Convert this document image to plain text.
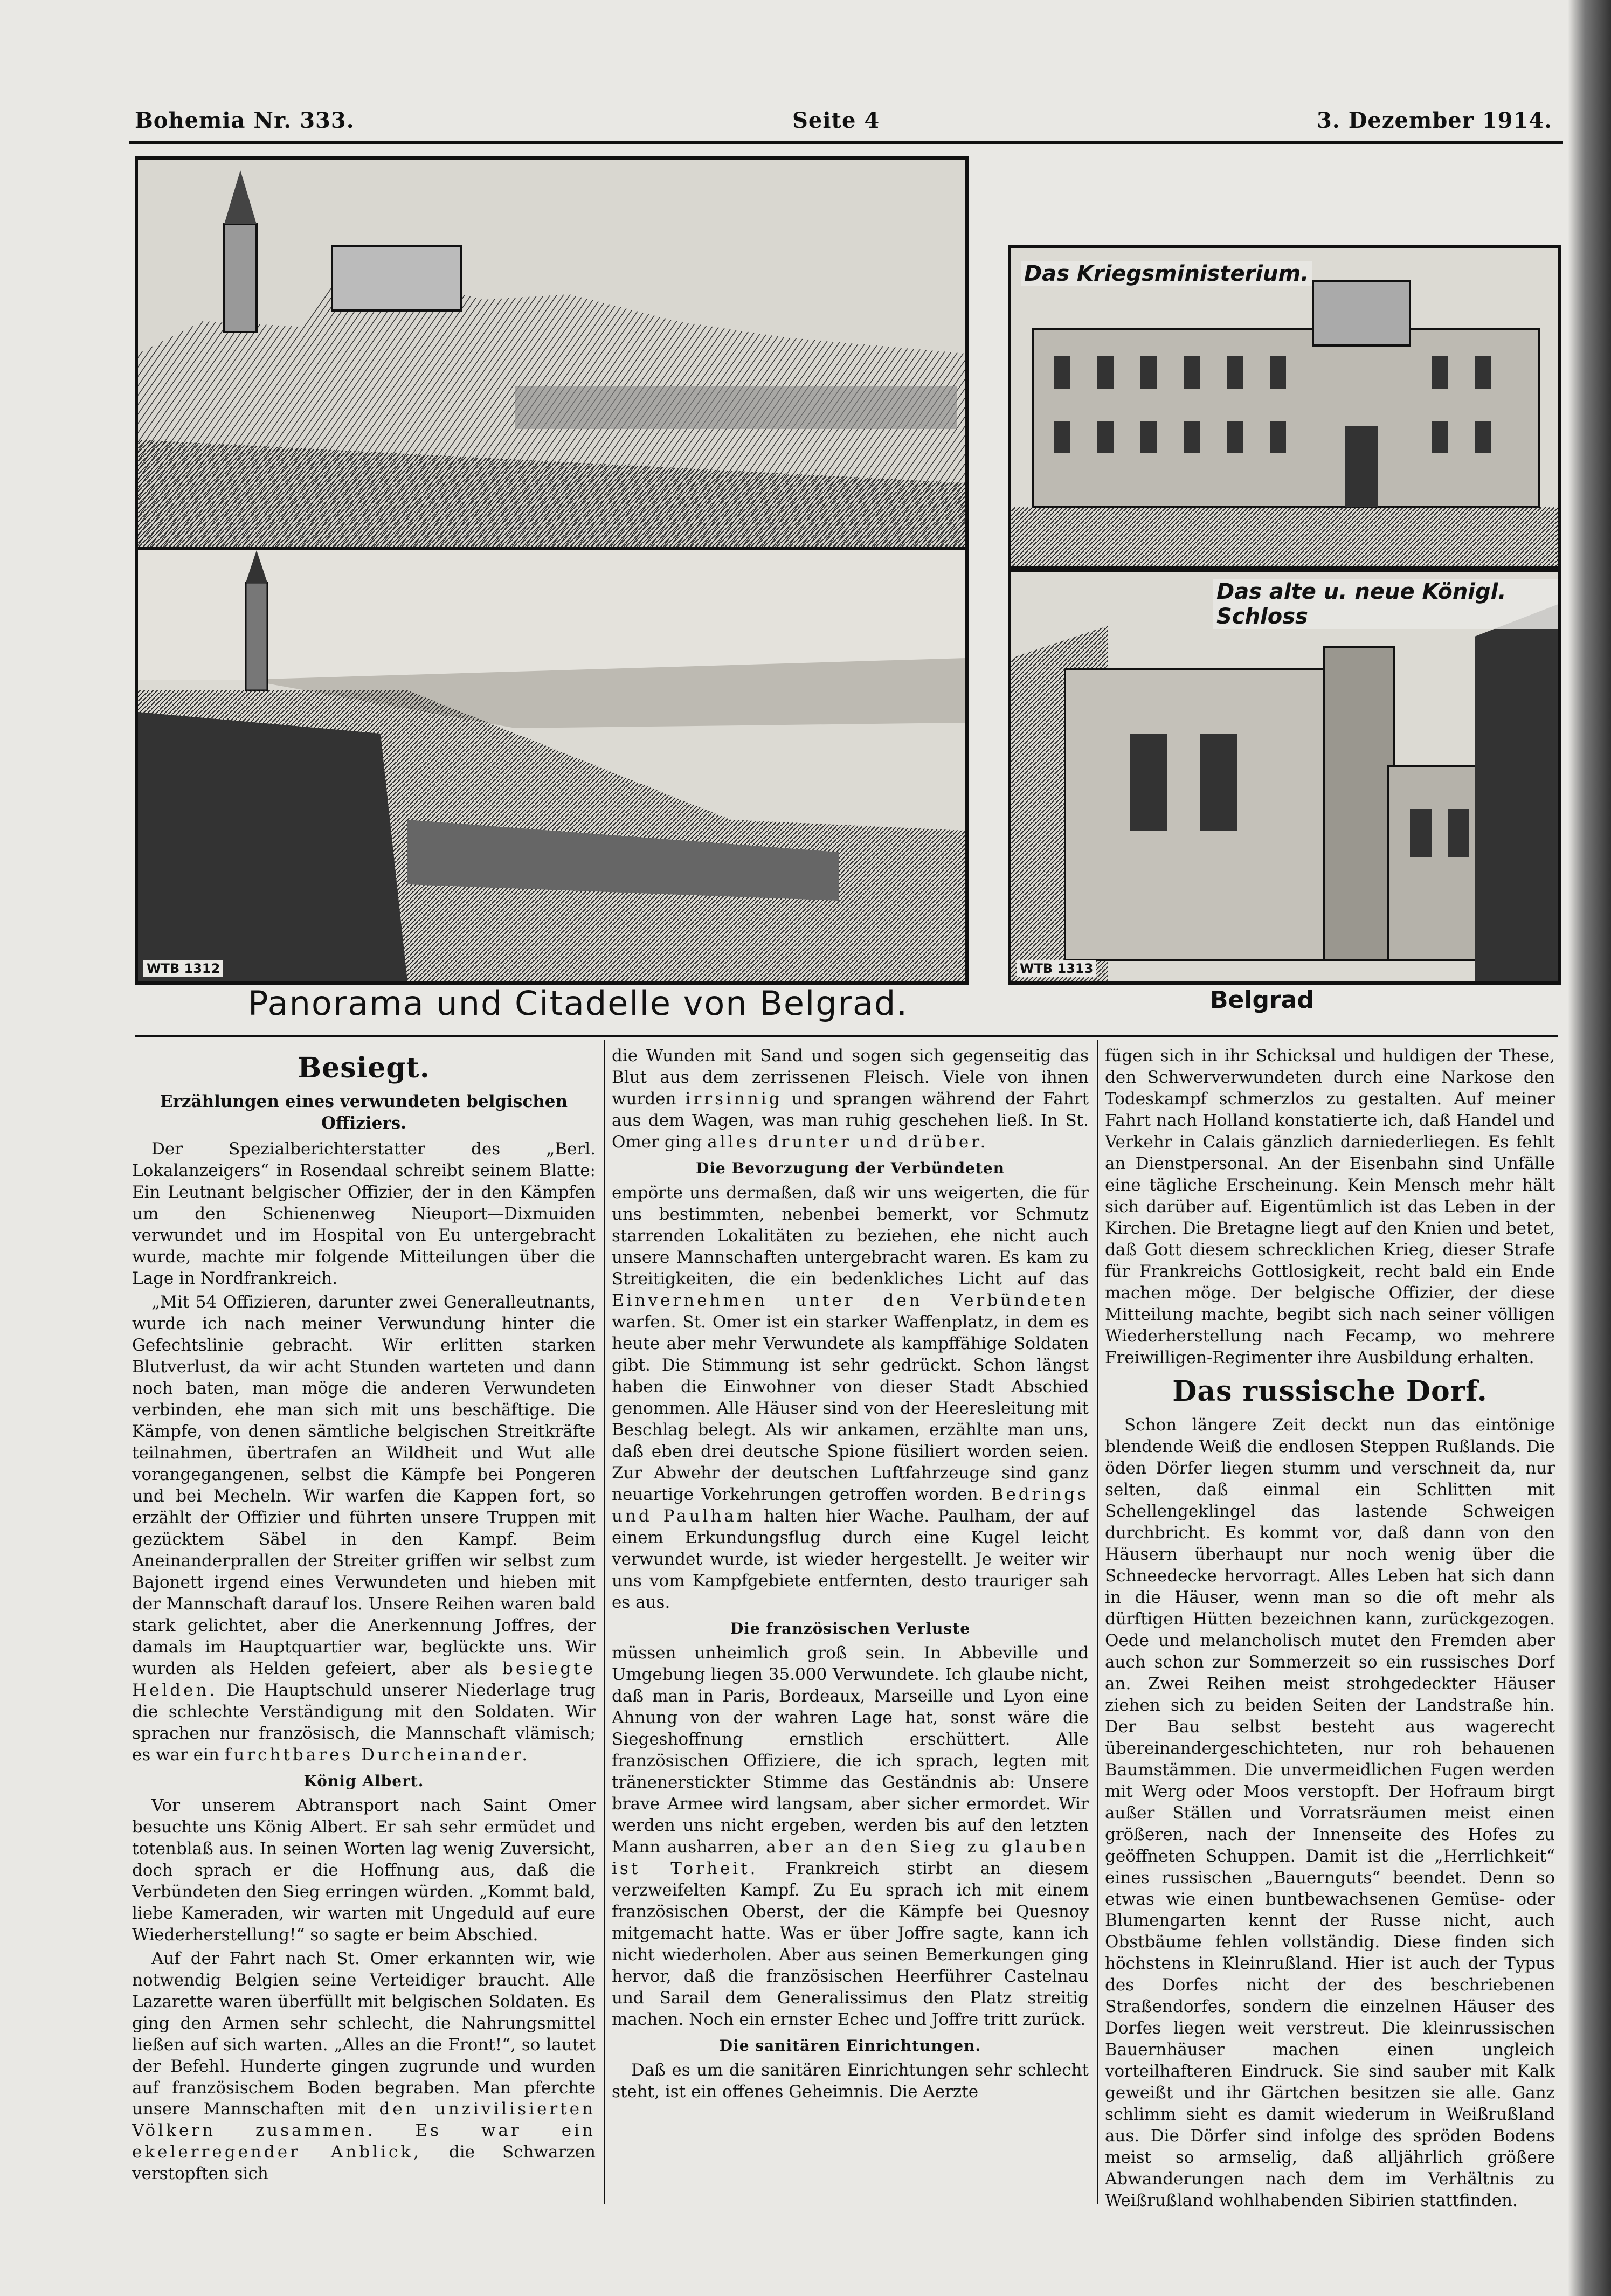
Bohemia Nr. 333.	Seite 4	3. Dezember 1914.
WTB 1312
Das Kriegsministerium.
Das alte u. neue Königl. Schloss
WTB 1313
Panorama und Citadelle von Belgrad.	Belgrad
Besiegt.
Erzählungen eines verwundeten belgischen Offiziers.

Der Spezialberichterstatter des „Berl. Lokalanzeigers“ in Rosendaal schreibt seinem Blatte: Ein Leutnant belgischer Offizier, der in den Kämpfen um den Schienenweg Nieuport—Dixmuiden verwundet und im Hospital von Eu untergebracht wurde, machte mir folgende Mitteilungen über die Lage in Nordfrankreich.

„Mit 54 Offizieren, darunter zwei Generalleutnants, wurde ich nach meiner Verwundung hinter die Gefechtslinie gebracht. Wir erlitten starken Blutverlust, da wir acht Stunden warteten und dann noch baten, man möge die anderen Verwundeten verbinden, ehe man sich mit uns beschäftige. Die Kämpfe, von denen sämtliche belgischen Streitkräfte teilnahmen, übertrafen an Wildheit und Wut alle vorangegangenen, selbst die Kämpfe bei Pongeren und bei Mecheln. Wir warfen die Kappen fort, so erzählt der Offizier und führten unsere Truppen mit gezücktem Säbel in den Kampf. Beim Aneinanderprallen der Streiter griffen wir selbst zum Bajonett irgend eines Verwundeten und hieben mit der Mannschaft darauf los. Unsere Reihen waren bald stark gelichtet, aber die Anerkennung Joffres, der damals im Hauptquartier war, beglückte uns. Wir wurden als Helden gefeiert, aber als besiegte Helden. Die Hauptschuld unserer Niederlage trug die schlechte Verständigung mit den Soldaten. Wir sprachen nur französisch, die Mannschaft vlämisch; es war ein furchtbares Durcheinander.

König Albert.

Vor unserem Abtransport nach Saint Omer besuchte uns König Albert. Er sah sehr ermüdet und totenblaß aus. In seinen Worten lag wenig Zuversicht, doch sprach er die Hoffnung aus, daß die Verbündeten den Sieg erringen würden. „Kommt bald, liebe Kameraden, wir warten mit Ungeduld auf eure Wiederherstellung!“ so sagte er beim Abschied.

Auf der Fahrt nach St. Omer erkannten wir, wie notwendig Belgien seine Verteidiger braucht. Alle Lazarette waren überfüllt mit belgischen Soldaten. Es ging den Armen sehr schlecht, die Nahrungsmittel ließen auf sich warten. „Alles an die Front!“, so lautet der Befehl. Hunderte gingen zugrunde und wurden auf französischem Boden begraben. Man pferchte unsere Mannschaften mit den unzivilisierten Völkern zusammen. Es war ein ekelerregender Anblick, die Schwarzen verstopften sich

die Wunden mit Sand und sogen sich gegenseitig das Blut aus dem zerrissenen Fleisch. Viele von ihnen wurden irrsinnig und sprangen während der Fahrt aus dem Wagen, was man ruhig geschehen ließ. In St. Omer ging alles drunter und drüber.

Die Bevorzugung der Verbündeten

empörte uns dermaßen, daß wir uns weigerten, die für uns bestimmten, nebenbei bemerkt, vor Schmutz starrenden Lokalitäten zu beziehen, ehe nicht auch unsere Mannschaften untergebracht waren. Es kam zu Streitigkeiten, die ein bedenkliches Licht auf das Einvernehmen unter den Verbündeten warfen. St. Omer ist ein starker Waffenplatz, in dem es heute aber mehr Verwundete als kampffähige Soldaten gibt. Die Stimmung ist sehr gedrückt. Schon längst haben die Einwohner von dieser Stadt Abschied genommen. Alle Häuser sind von der Heeresleitung mit Beschlag belegt. Als wir ankamen, erzählte man uns, daß eben drei deutsche Spione füsiliert worden seien. Zur Abwehr der deutschen Luftfahrzeuge sind ganz neuartige Vorkehrungen getroffen worden. Bedrings und Paulham halten hier Wache. Paulham, der auf einem Erkundungsflug durch eine Kugel leicht verwundet wurde, ist wieder hergestellt. Je weiter wir uns vom Kampfgebiete entfernten, desto trauriger sah es aus.

Die französischen Verluste

müssen unheimlich groß sein. In Abbeville und Umgebung liegen 35.000 Verwundete. Ich glaube nicht, daß man in Paris, Bordeaux, Marseille und Lyon eine Ahnung von der wahren Lage hat, sonst wäre die Siegeshoffnung ernstlich erschüttert. Alle französischen Offiziere, die ich sprach, legten mit tränenerstickter Stimme das Geständnis ab: Unsere brave Armee wird langsam, aber sicher ermordet. Wir werden uns nicht ergeben, werden bis auf den letzten Mann ausharren, aber an den Sieg zu glauben ist Torheit. Frankreich stirbt an diesem verzweifelten Kampf. Zu Eu sprach ich mit einem französischen Oberst, der die Kämpfe bei Quesnoy mitgemacht hatte. Was er über Joffre sagte, kann ich nicht wiederholen. Aber aus seinen Bemerkungen ging hervor, daß die französischen Heerführer Castelnau und Sarail dem Generalissimus den Platz streitig machen. Noch ein ernster Echec und Joffre tritt zurück.

Die sanitären Einrichtungen.

Daß es um die sanitären Einrichtungen sehr schlecht steht, ist ein offenes Geheimnis. Die Aerzte

fügen sich in ihr Schicksal und huldigen der These, den Schwerverwundeten durch eine Narkose den Todeskampf schmerzlos zu gestalten. Auf meiner Fahrt nach Holland konstatierte ich, daß Handel und Verkehr in Calais gänzlich darniederliegen. Es fehlt an Dienstpersonal. An der Eisenbahn sind Unfälle eine tägliche Erscheinung. Kein Mensch mehr hält sich darüber auf. Eigentümlich ist das Leben in der Kirchen. Die Bretagne liegt auf den Knien und betet, daß Gott diesem schrecklichen Krieg, dieser Strafe für Frankreichs Gottlosigkeit, recht bald ein Ende machen möge. Der belgische Offizier, der diese Mitteilung machte, begibt sich nach seiner völligen Wiederherstellung nach Fecamp, wo mehrere Freiwilligen-Regimenter ihre Ausbildung erhalten.

Das russische Dorf.

Schon längere Zeit deckt nun das eintönige blendende Weiß die endlosen Steppen Rußlands. Die öden Dörfer liegen stumm und verschneit da, nur selten, daß einmal ein Schlitten mit Schellengeklingel das lastende Schweigen durchbricht. Es kommt vor, daß dann von den Häusern überhaupt nur noch wenig über die Schneedecke hervorragt. Alles Leben hat sich dann in die Häuser, wenn man so die oft mehr als dürftigen Hütten bezeichnen kann, zurückgezogen. Oede und melancholisch mutet den Fremden aber auch schon zur Sommerzeit so ein russisches Dorf an. Zwei Reihen meist strohgedeckter Häuser ziehen sich zu beiden Seiten der Landstraße hin. Der Bau selbst besteht aus wagerecht übereinandergeschichteten, nur roh behauenen Baumstämmen. Die unvermeidlichen Fugen werden mit Werg oder Moos verstopft. Der Hofraum birgt außer Ställen und Vorratsräumen meist einen größeren, nach der Innenseite des Hofes zu geöffneten Schuppen. Damit ist die „Herrlichkeit“ eines russischen „Bauernguts“ beendet. Denn so etwas wie einen buntbewachsenen Gemüse- oder Blumengarten kennt der Russe nicht, auch Obstbäume fehlen vollständig. Diese finden sich höchstens in Kleinrußland. Hier ist auch der Typus des Dorfes nicht der des beschriebenen Straßendorfes, sondern die einzelnen Häuser des Dorfes liegen weit verstreut. Die kleinrussischen Bauernhäuser machen einen ungleich vorteilhafteren Eindruck. Sie sind sauber mit Kalk geweißt und ihr Gärtchen besitzen sie alle. Ganz schlimm sieht es damit wiederum in Weißrußland aus. Die Dörfer sind infolge des spröden Bodens meist so armselig, daß alljährlich größere Abwanderungen nach dem im Verhältnis zu Weißrußland wohlhabenden Sibirien stattfinden.
